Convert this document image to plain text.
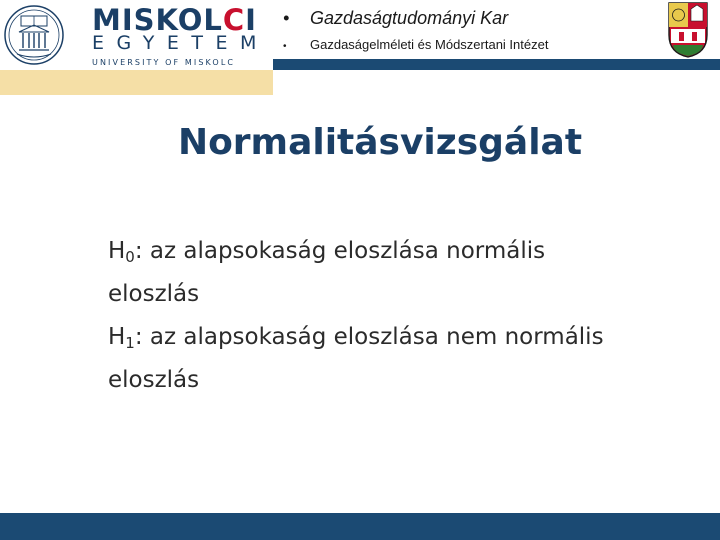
MISKOLCI
EGYETEM
UNIVERSITY OF MISKOLC
• Gazdaságtudományi Kar
• Gazdaságelméleti és Módszertani Intézet
Normalitásvizsgálat

$H_0$: az alapsokaság eloszlása normális

eloszlás

$H_1$: az alapsokaság eloszlása nem normális

eloszlás
